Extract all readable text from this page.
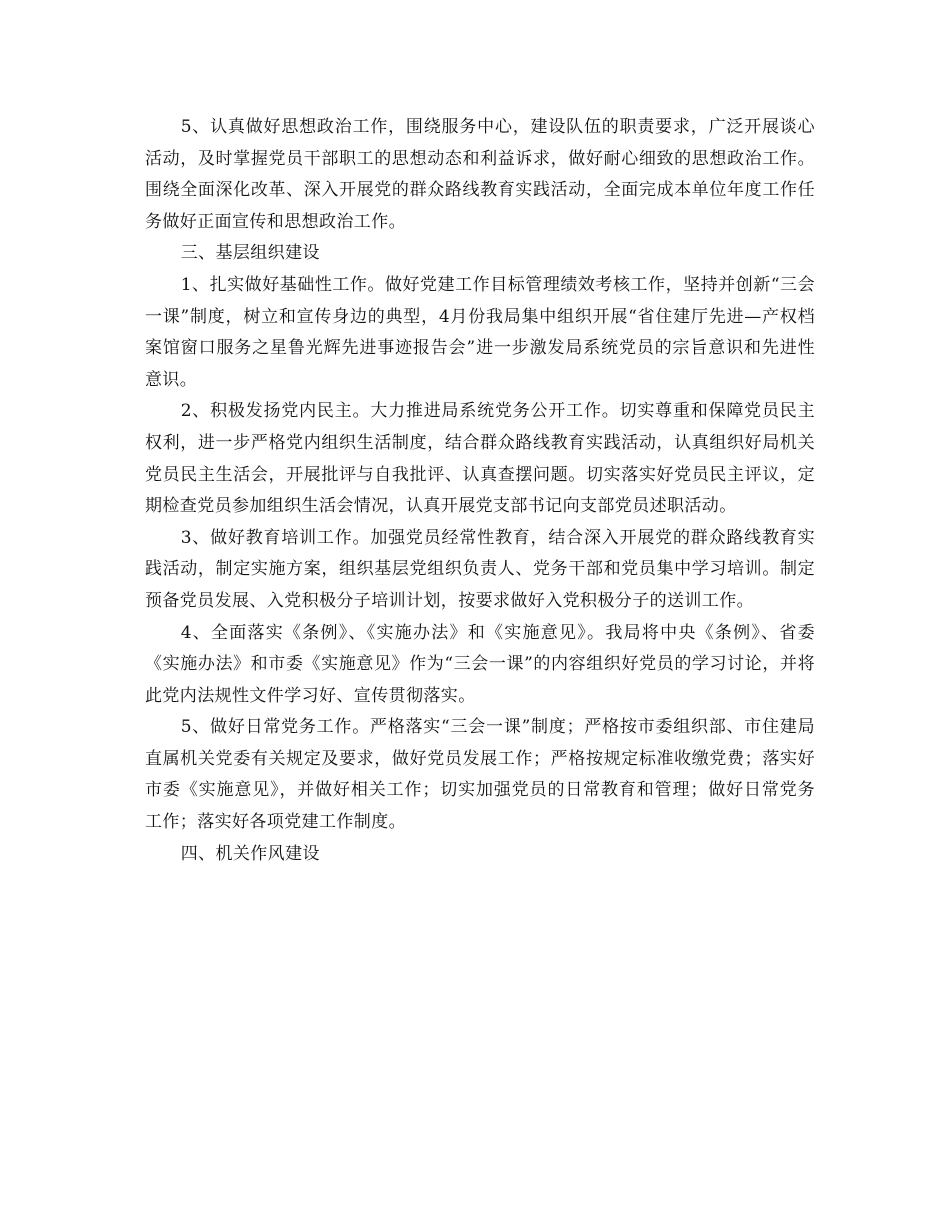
5、认真做好思想政治工作，围绕服务中心，建设队伍的职责要求，广泛开展谈心活动，及时掌握党员干部职工的思想动态和利益诉求，做好耐心细致的思想政治工作。围绕全面深化改革、深入开展党的群众路线教育实践活动，全面完成本单位年度工作任务做好正面宣传和思想政治工作。

三、基层组织建设

1、扎实做好基础性工作。做好党建工作目标管理绩效考核工作，坚持并创新“三会一课”制度，树立和宣传身边的典型，4月份我局集中组织开展“省住建厅先进—产权档案馆窗口服务之星鲁光辉先进事迹报告会”进一步激发局系统党员的宗旨意识和先进性意识。

2、积极发扬党内民主。大力推进局系统党务公开工作。切实尊重和保障党员民主权利，进一步严格党内组织生活制度，结合群众路线教育实践活动，认真组织好局机关党员民主生活会，开展批评与自我批评、认真查摆问题。切实落实好党员民主评议，定期检查党员参加组织生活会情况，认真开展党支部书记向支部党员述职活动。

3、做好教育培训工作。加强党员经常性教育，结合深入开展党的群众路线教育实践活动，制定实施方案，组织基层党组织负责人、党务干部和党员集中学习培训。制定预备党员发展、入党积极分子培训计划，按要求做好入党积极分子的送训工作。

4、全面落实《条例》、《实施办法》和《实施意见》。我局将中央《条例》、省委《实施办法》和市委《实施意见》作为“三会一课”的内容组织好党员的学习讨论，并将此党内法规性文件学习好、宣传贯彻落实。

5、做好日常党务工作。严格落实“三会一课”制度；严格按市委组织部、市住建局直属机关党委有关规定及要求，做好党员发展工作；严格按规定标准收缴党费；落实好市委《实施意见》，并做好相关工作；切实加强党员的日常教育和管理；做好日常党务工作；落实好各项党建工作制度。

四、机关作风建设
